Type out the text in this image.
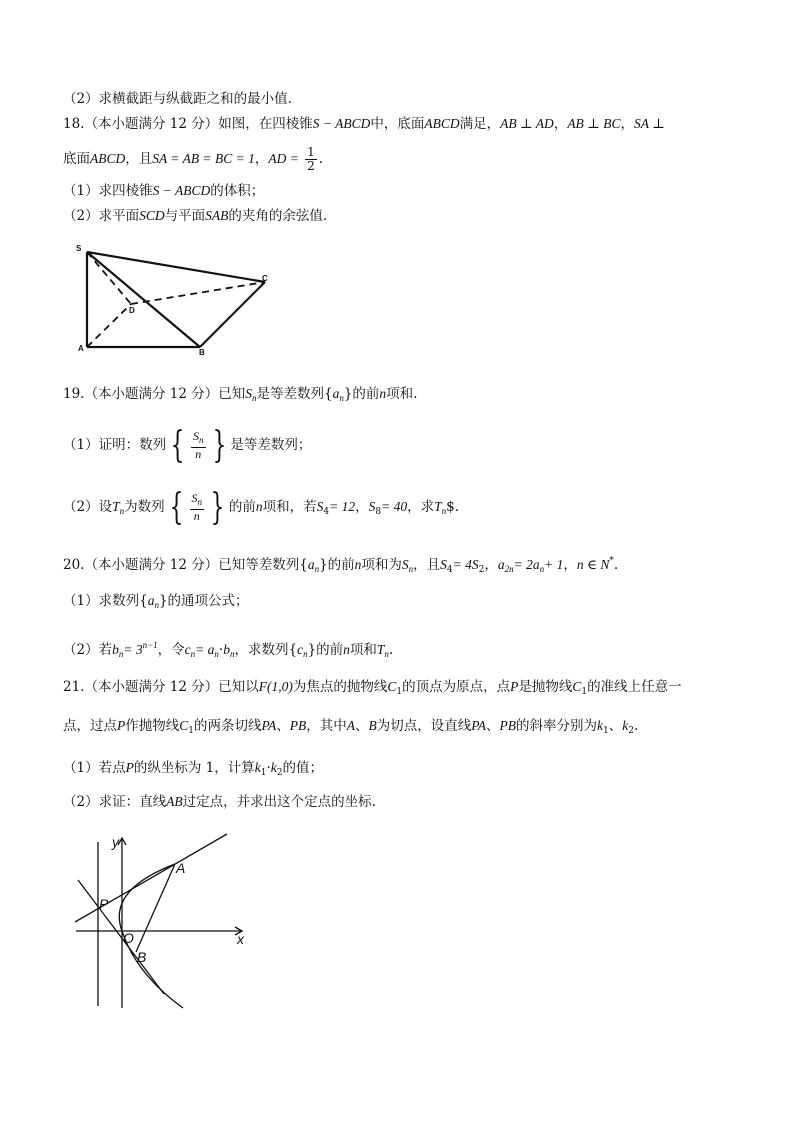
（2）求横截距与纵截距之和的最小值.
18.（本小题满分 12 分）如图，在四棱锥S − ABCD中，底面ABCD满足，AB ⊥ AD，AB ⊥ BC，SA ⊥
底面ABCD，且SA = AB = BC = 1，AD = $\frac{1}{2}$ .
（1）求四棱锥S − ABCD的体积；
（2）求平面SCD与平面SAB的夹角的余弦值.
S
A	B
C
D
19.（本小题满分 12 分）已知$S_n$是等差数列$\{a_n\}$的前n项和.
（1）证明：数列 { $\frac{S_n}{n}$ } 是等差数列；
（2）设$T_n$为数列 { $\frac{S_n}{n}$ } 的前n项和，若$S_4= 12$，$S_8= 40$，求$T_n\$$.
20.（本小题满分 12 分）已知等差数列$\{a_n\}$的前n项和为$S_n$，且$S_4= 4S_2$，$a_{2n}= 2a_n+ 1$，n ∈ N*.
（1）求数列$\{a_n\}$的通项公式；
（2）若$b_n= 3^{n-1}$，令$c_n= a_n\cdot b_n$，求数列$\{c_n\}$的前n项和$T_n$.
21.（本小题满分 12 分）已知以F(1,0)为焦点的抛物线$C_1$的顶点为原点，点P是抛物线$C_1$的准线上任意一
点，过点P作抛物线$C_1$的两条切线PA、PB，其中A、B为切点，设直线PA、PB的斜率分别为$k_1$、$k_2$.
（1）若点P的纵坐标为 1，计算$k_1\cdot k_2$的值；
（2）求证：直线AB过定点，并求出这个定点的坐标.
y
x
A
P
O
B
